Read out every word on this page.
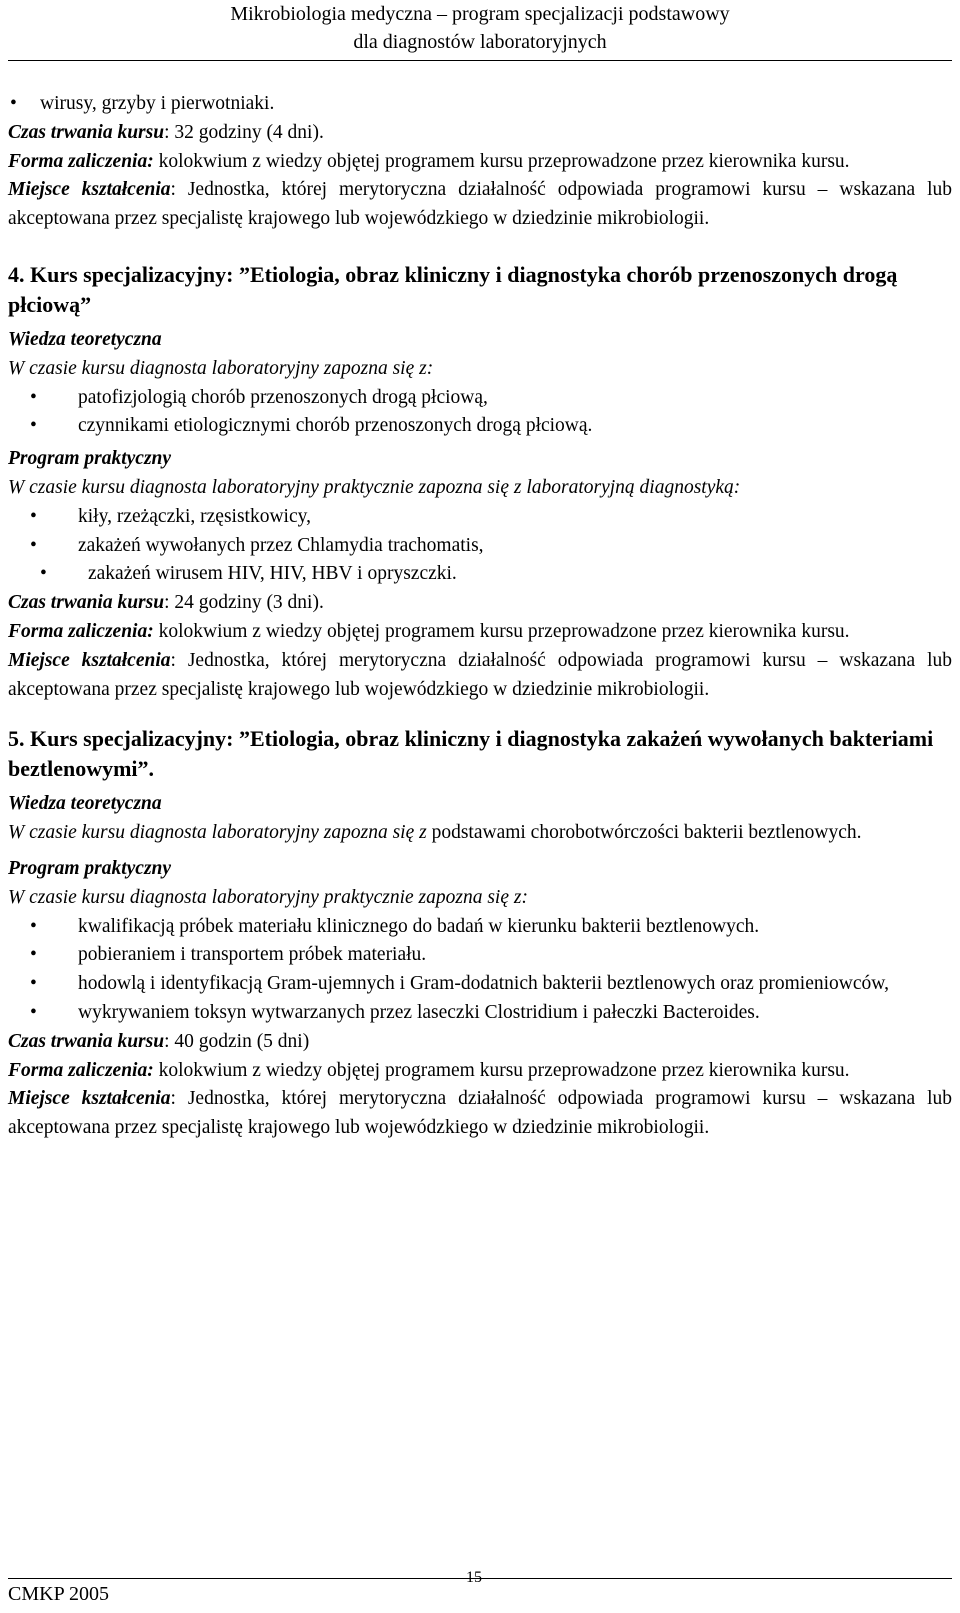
Mikrobiologia medyczna – program specjalizacji podstawowy
dla diagnostów laboratoryjnych
• wirusy, grzyby i pierwotniaki.

Czas trwania kursu: 32 godziny (4 dni).

Forma zaliczenia: kolokwium z wiedzy objętej programem kursu przeprowadzone przez kierownika kursu.

Miejsce kształcenia: Jednostka, której merytoryczna działalność odpowiada programowi kursu – wskazana lub akceptowana przez specjalistę krajowego lub wojewódzkiego w dziedzinie mikrobiologii.

4. Kurs specjalizacyjny: ”Etiologia, obraz kliniczny i diagnostyka chorób przenoszonych drogą płciową”

Wiedza teoretyczna

W czasie kursu diagnosta laboratoryjny zapozna się z:

• patofizjologią chorób przenoszonych drogą płciową,
• czynnikami etiologicznymi chorób przenoszonych drogą płciową.

Program praktyczny

W czasie kursu diagnosta laboratoryjny praktycznie zapozna się z laboratoryjną diagnostyką:

• kiły, rzeżączki, rzęsistkowicy,
• zakażeń wywołanych przez Chlamydia trachomatis,
• zakażeń wirusem HIV, HIV, HBV i opryszczki.

Czas trwania kursu: 24 godziny (3 dni).

Forma zaliczenia: kolokwium z wiedzy objętej programem kursu przeprowadzone przez kierownika kursu.

Miejsce kształcenia: Jednostka, której merytoryczna działalność odpowiada programowi kursu – wskazana lub akceptowana przez specjalistę krajowego lub wojewódzkiego w dziedzinie mikrobiologii.

5. Kurs specjalizacyjny: ”Etiologia, obraz kliniczny i diagnostyka zakażeń wywołanych bakteriami beztlenowymi”.

Wiedza teoretyczna

W czasie kursu diagnosta laboratoryjny zapozna się z podstawami chorobotwórczości bakterii beztlenowych.

Program praktyczny

W czasie kursu diagnosta laboratoryjny praktycznie zapozna się z:

• kwalifikacją próbek materiału klinicznego do badań w kierunku bakterii beztlenowych.
• pobieraniem i transportem próbek materiału.
• hodowlą i identyfikacją Gram-ujemnych i Gram-dodatnich bakterii beztlenowych oraz promieniowców,
• wykrywaniem toksyn wytwarzanych przez laseczki Clostridium i pałeczki Bacteroides.

Czas trwania kursu: 40 godzin (5 dni)

Forma zaliczenia: kolokwium z wiedzy objętej programem kursu przeprowadzone przez kierownika kursu.

Miejsce kształcenia: Jednostka, której merytoryczna działalność odpowiada programowi kursu – wskazana lub akceptowana przez specjalistę krajowego lub wojewódzkiego w dziedzinie mikrobiologii.

CMKP 2005
15
